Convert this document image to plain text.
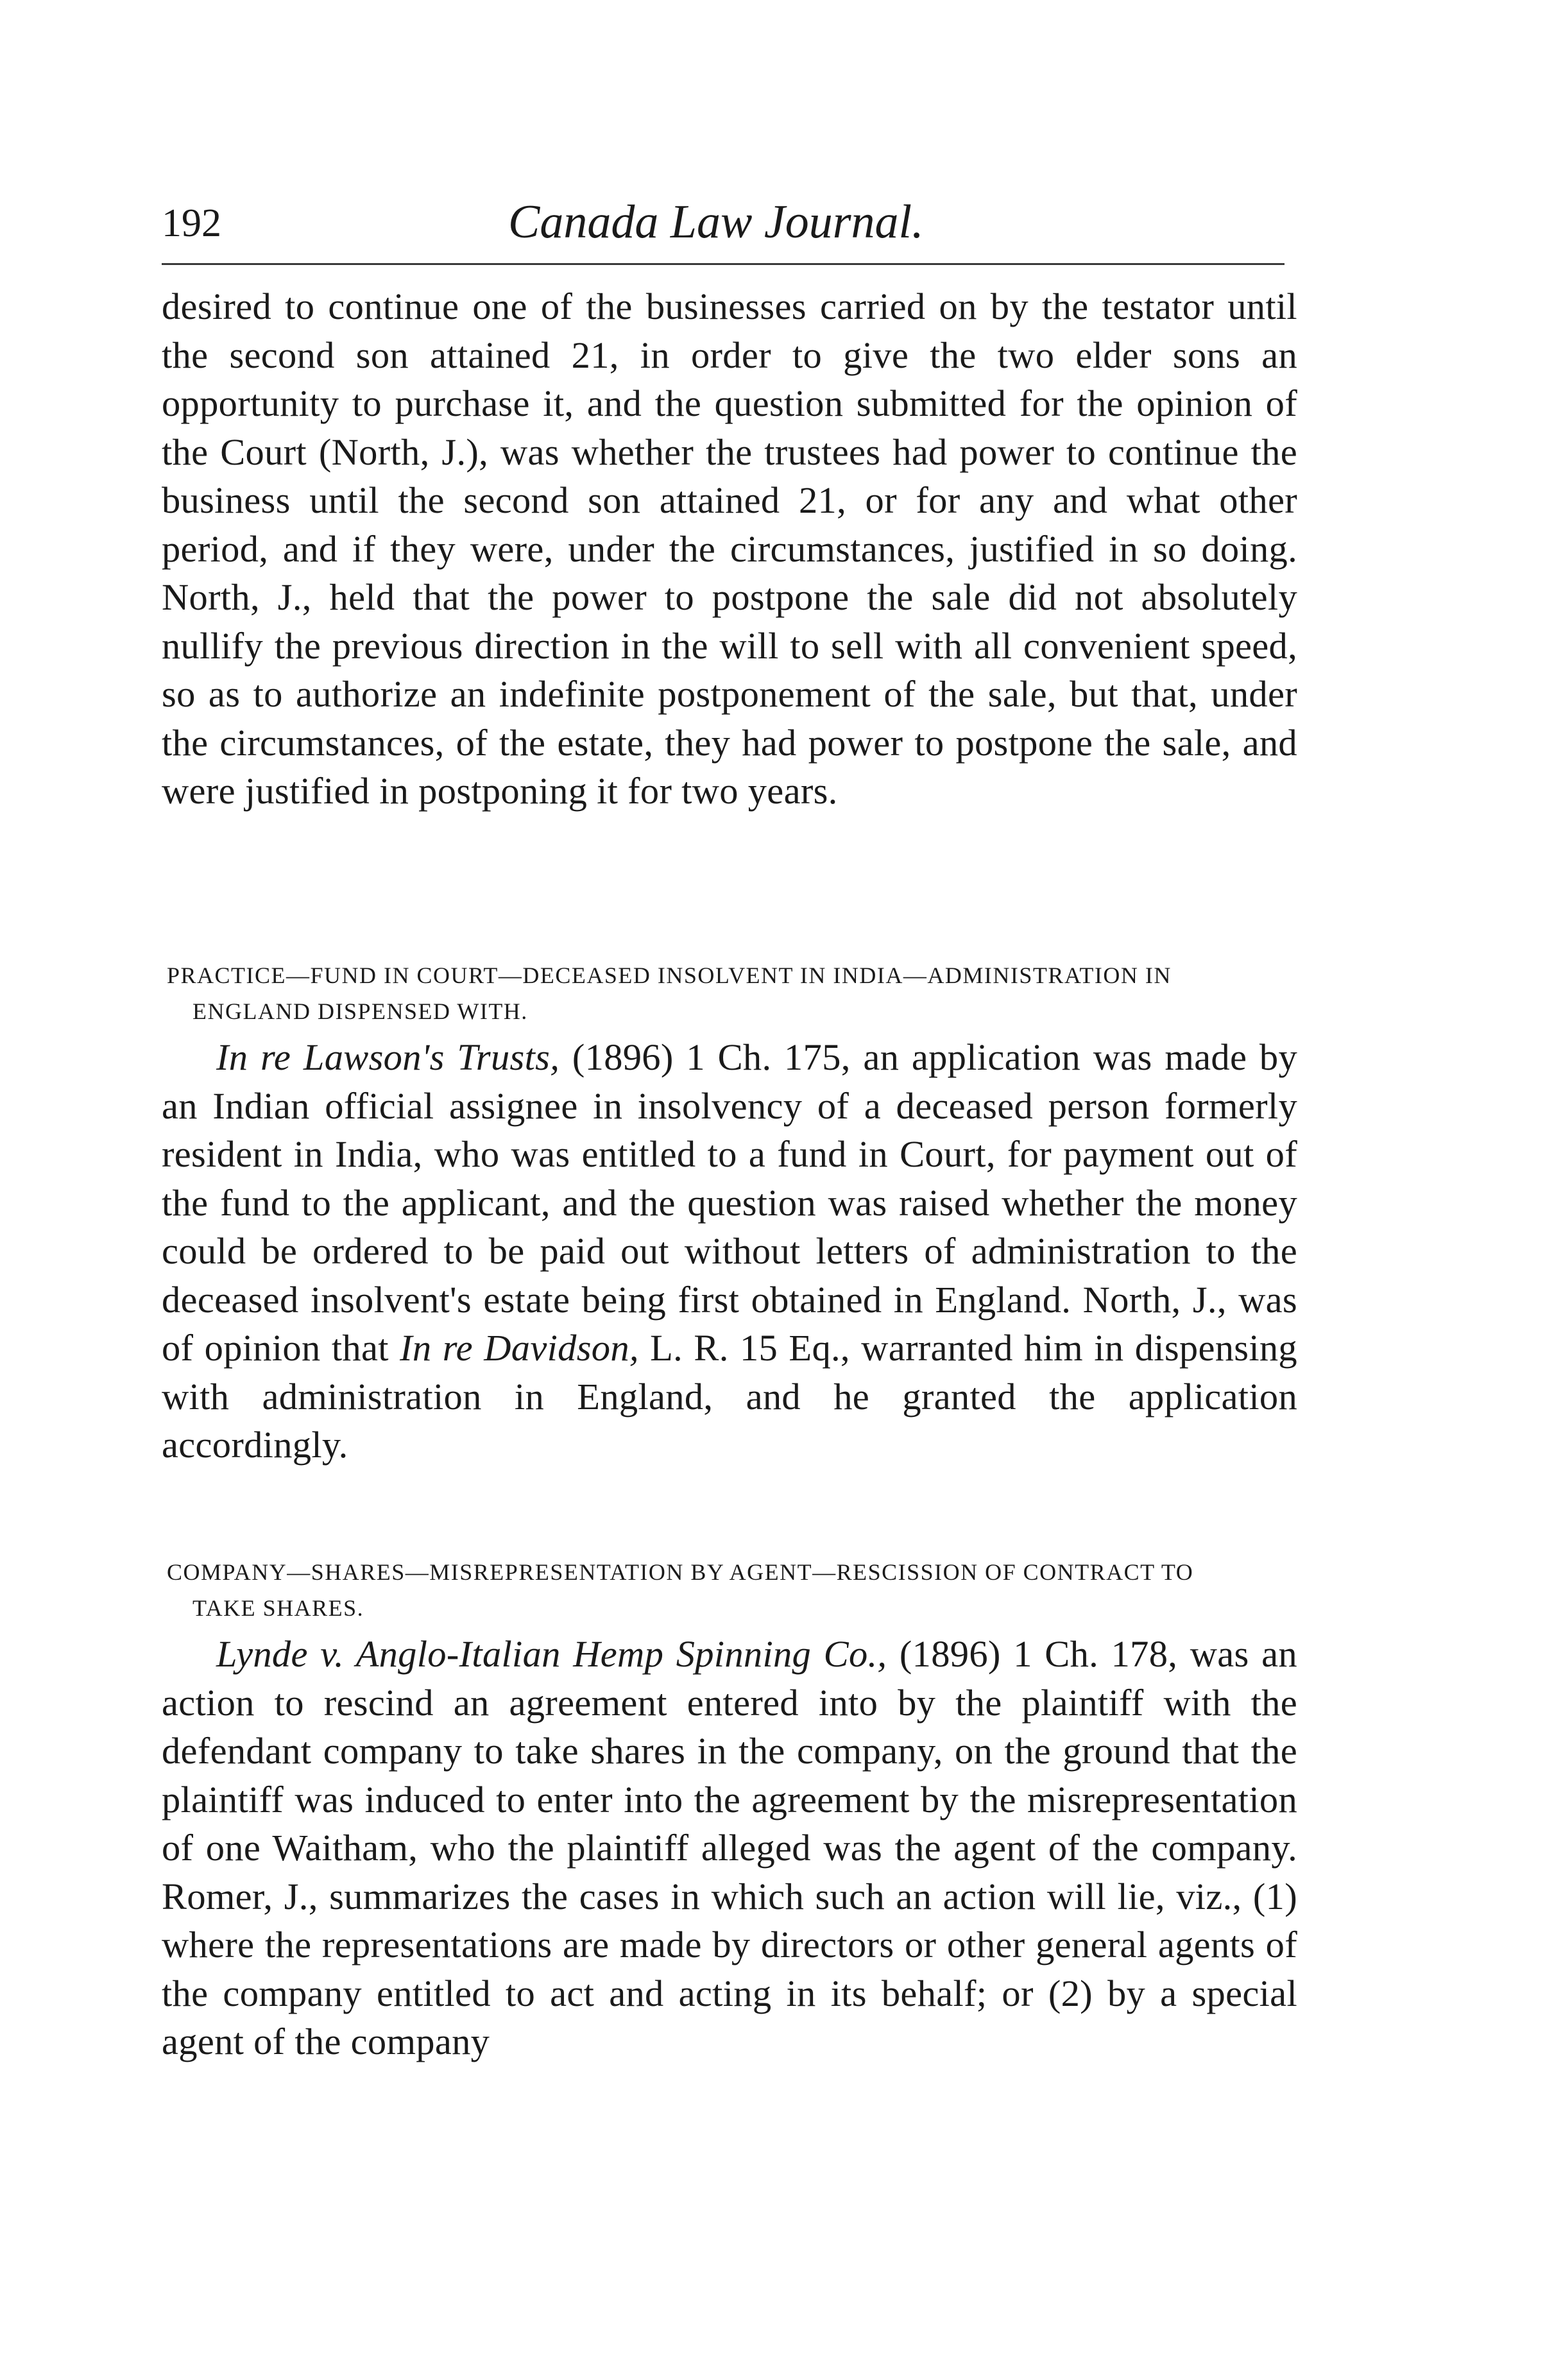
192	Canada Law Journal.

desired to continue one of the businesses carried on by the testator until the second son attained 21, in order to give the two elder sons an opportunity to purchase it, and the question submitted for the opinion of the Court (North, J.), was whether the trustees had power to continue the business until the second son attained 21, or for any and what other period, and if they were, under the circumstances, justified in so doing. North, J., held that the power to postpone the sale did not absolutely nullify the previous direction in the will to sell with all convenient speed, so as to authorize an indefinite postponement of the sale, but that, under the circumstances, of the estate, they had power to postpone the sale, and were justified in postponing it for two years.

PRACTICE—FUND IN COURT—DECEASED INSOLVENT IN INDIA—ADMINISTRATION IN
ENGLAND DISPENSED WITH.

In re Lawson's Trusts, (1896) 1 Ch. 175, an application was made by an Indian official assignee in insolvency of a deceased person formerly resident in India, who was entitled to a fund in Court, for payment out of the fund to the applicant, and the question was raised whether the money could be ordered to be paid out without letters of administration to the deceased insolvent's estate being first obtained in England. North, J., was of opinion that In re Davidson, L. R. 15 Eq., warranted him in dispensing with administration in England, and he granted the application accordingly.

COMPANY—SHARES—MISREPRESENTATION BY AGENT—RESCISSION OF CONTRACT TO
TAKE SHARES.

Lynde v. Anglo-Italian Hemp Spinning Co., (1896) 1 Ch. 178, was an action to rescind an agreement entered into by the plaintiff with the defendant company to take shares in the company, on the ground that the plaintiff was induced to enter into the agreement by the misrepresentation of one Waitham, who the plaintiff alleged was the agent of the company. Romer, J., summarizes the cases in which such an action will lie, viz., (1) where the representations are made by directors or other general agents of the company entitled to act and acting in its behalf; or (2) by a special agent of the company
